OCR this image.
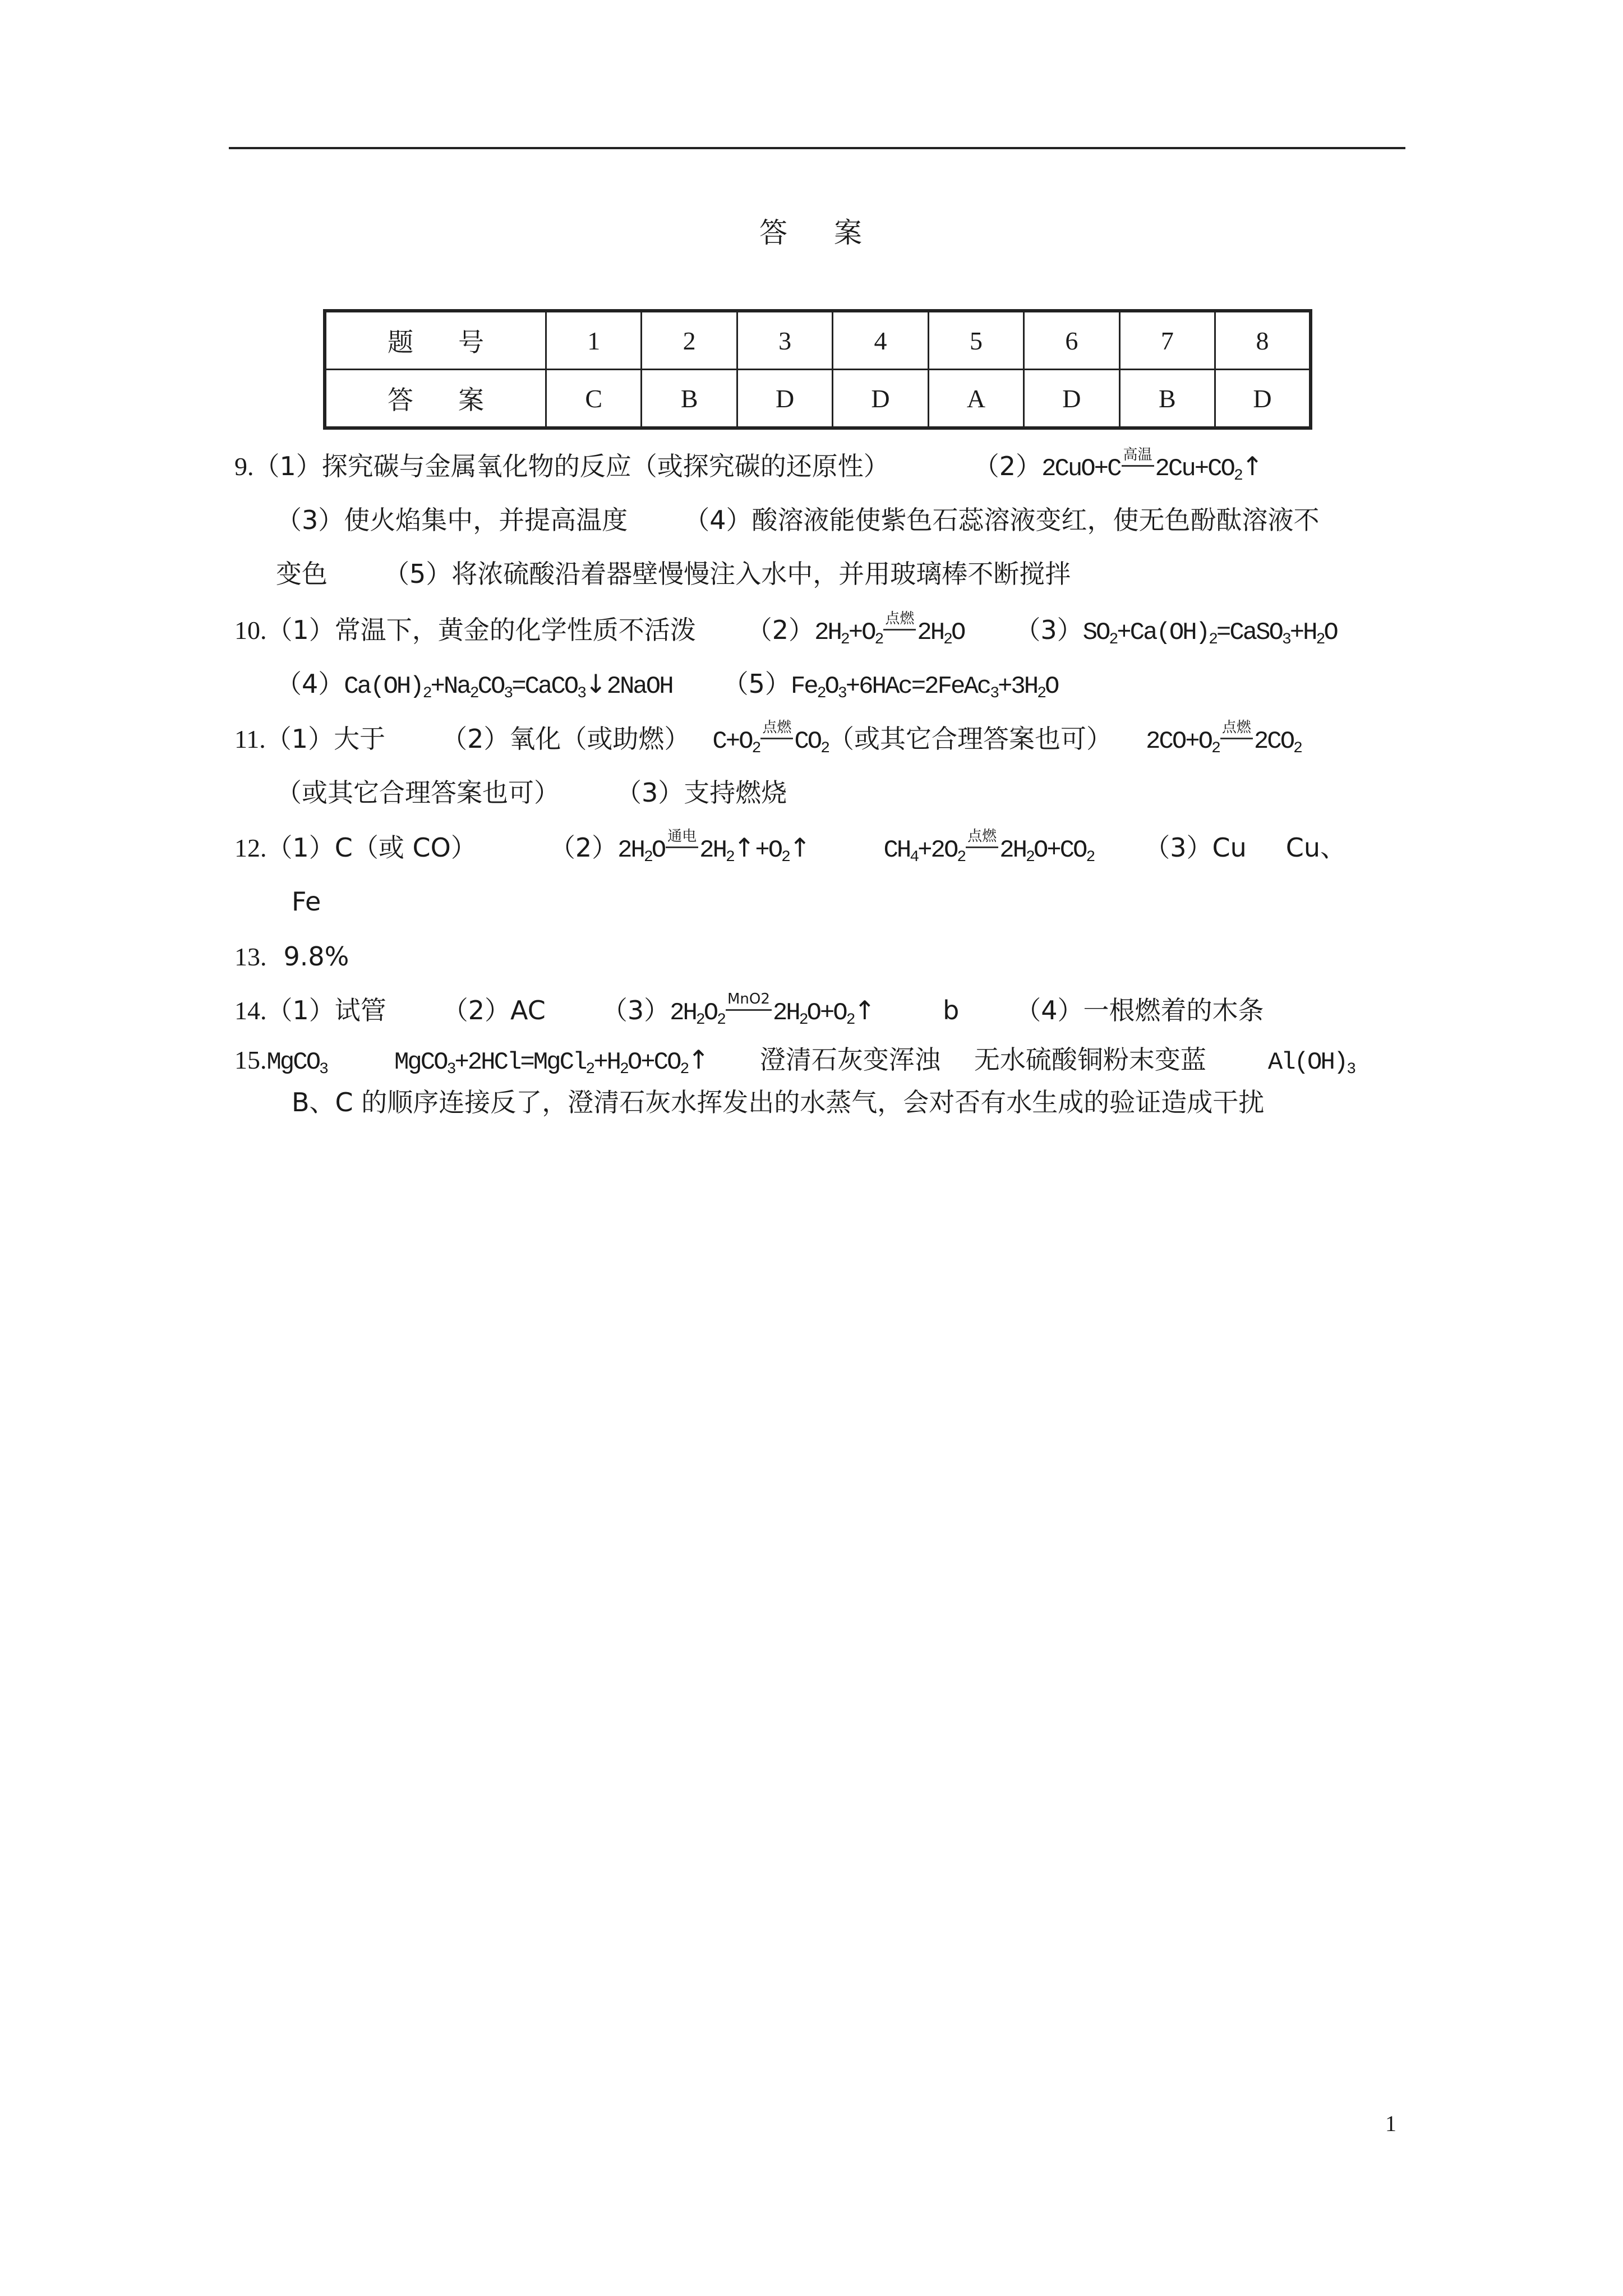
答 案
题 号	1	2	3	4	5	6	7	8
答 案	C	B	D	D	A	D	B	D
9.（1）探究碳与金属氧化物的反应（或探究碳的还原性）	（2）2CuO+C $^{高温}$ $2Cu+CO_2↑$
（3）使火焰集中，并提高温度 （4）酸溶液能使紫色石蕊溶液变红，使无色酚酞溶液不
变色 （5）将浓硫酸沿着器壁慢慢注入水中，并用玻璃棒不断搅拌
10.（1）常温下，黄金的化学性质不活泼 $(2)2H_2+O_2^{点燃}$ $2H_2O$ $(3)SO_2+Ca(OH)_2=CaSO_3+H_2O$
$(4)Ca(OH)_2+Na_2CO_3=CaCO_3↓2NaOH$ $(5)Fe_2O_3+6HAc=2FeAc_3+3H_2O$
11.（1）大于 （2）氧化（或助燃） $C+O_2^{点燃}$ $CO_2$（或其它合理答案也可） $2CO+O_2^{点燃}$ $2CO_2$
（或其它合理答案也可） （3）支持燃烧
12.（1）C（或 CO）	$(2)2H_2O$ $^{通电}$ $2H_2↑+O_2↑$	$CH_4+2O_2^{点燃}$ $2H_2O+CO_2$ （3）Cu Cu、
Fe
13. 9.8%
14.（1）试管 （2）AC $(3)2H_2O_2^{MnO2}$ $2H_2O+O_2↑$	b （4）一根燃着的木条
15.MgCO$_3$	$MgCO_3+2HCl=MgCl_2+H_2O+CO_2↑$ 澄清石灰变浑浊 无水硫酸铜粉末变蓝	$Al(OH)_3$
B、C 的顺序连接反了，澄清石灰水挥发出的水蒸气，会对否有水生成的验证造成干扰
1
